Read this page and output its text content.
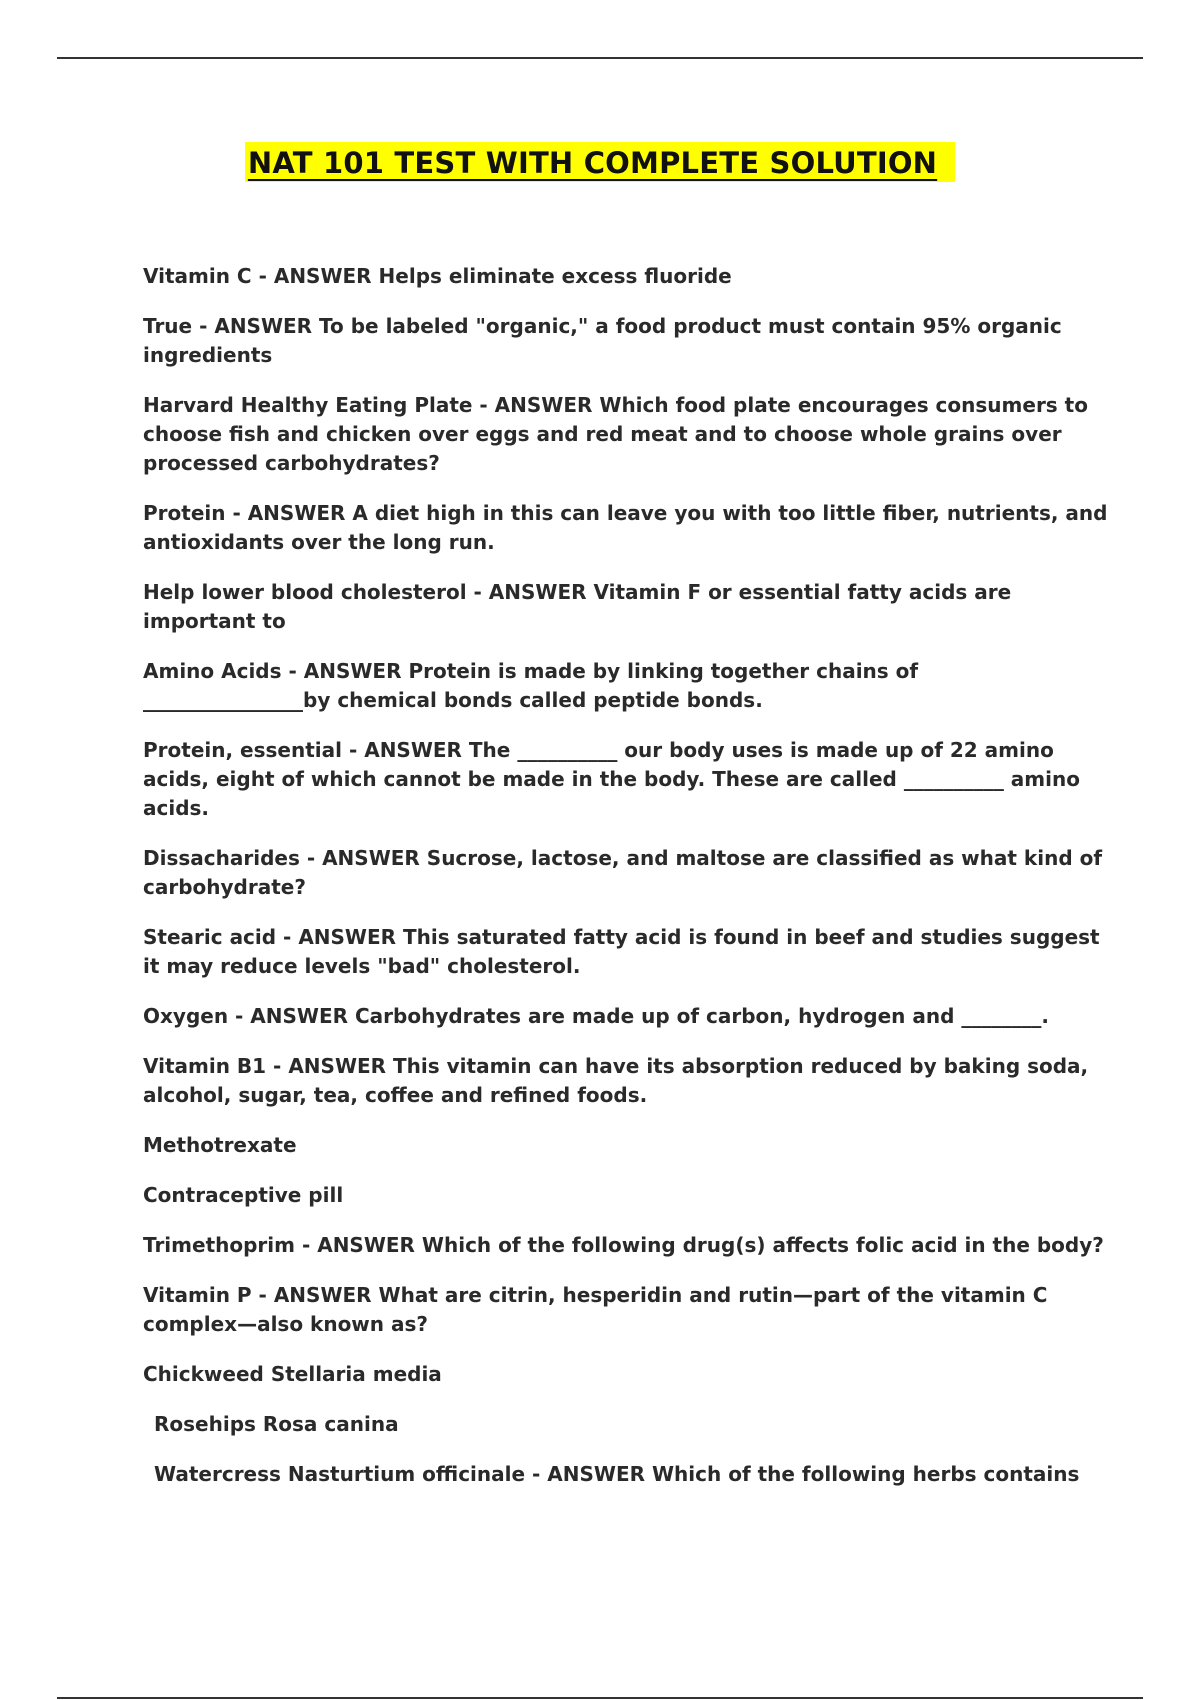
NAT 101 TEST WITH COMPLETE SOLUTION

Vitamin C - ANSWER Helps eliminate excess fluoride

True - ANSWER To be labeled "organic," a food product must contain 95% organic ingredients

Harvard Healthy Eating Plate - ANSWER Which food plate encourages consumers to choose fish and chicken over eggs and red meat and to choose whole grains over processed carbohydrates?

Protein - ANSWER A diet high in this can leave you with too little fiber, nutrients, and antioxidants over the long run.

Help lower blood cholesterol - ANSWER Vitamin F or essential fatty acids are important to

Amino Acids - ANSWER Protein is made by linking together chains of ________________by chemical bonds called peptide bonds.

Protein, essential - ANSWER The __________ our body uses is made up of 22 amino acids, eight of which cannot be made in the body. These are called __________ amino acids.

Dissacharides - ANSWER Sucrose, lactose, and maltose are classified as what kind of carbohydrate?

Stearic acid - ANSWER This saturated fatty acid is found in beef and studies suggest it may reduce levels "bad" cholesterol.

Oxygen - ANSWER Carbohydrates are made up of carbon, hydrogen and ________.

Vitamin B1 - ANSWER This vitamin can have its absorption reduced by baking soda, alcohol, sugar, tea, coffee and refined foods.

Methotrexate

Contraceptive pill

Trimethoprim - ANSWER Which of the following drug(s) affects folic acid in the body?

Vitamin P - ANSWER What are citrin, hesperidin and rutin—part of the vitamin C complex—also known as?

Chickweed Stellaria media

Rosehips Rosa canina

Watercress Nasturtium officinale - ANSWER Which of the following herbs contains
